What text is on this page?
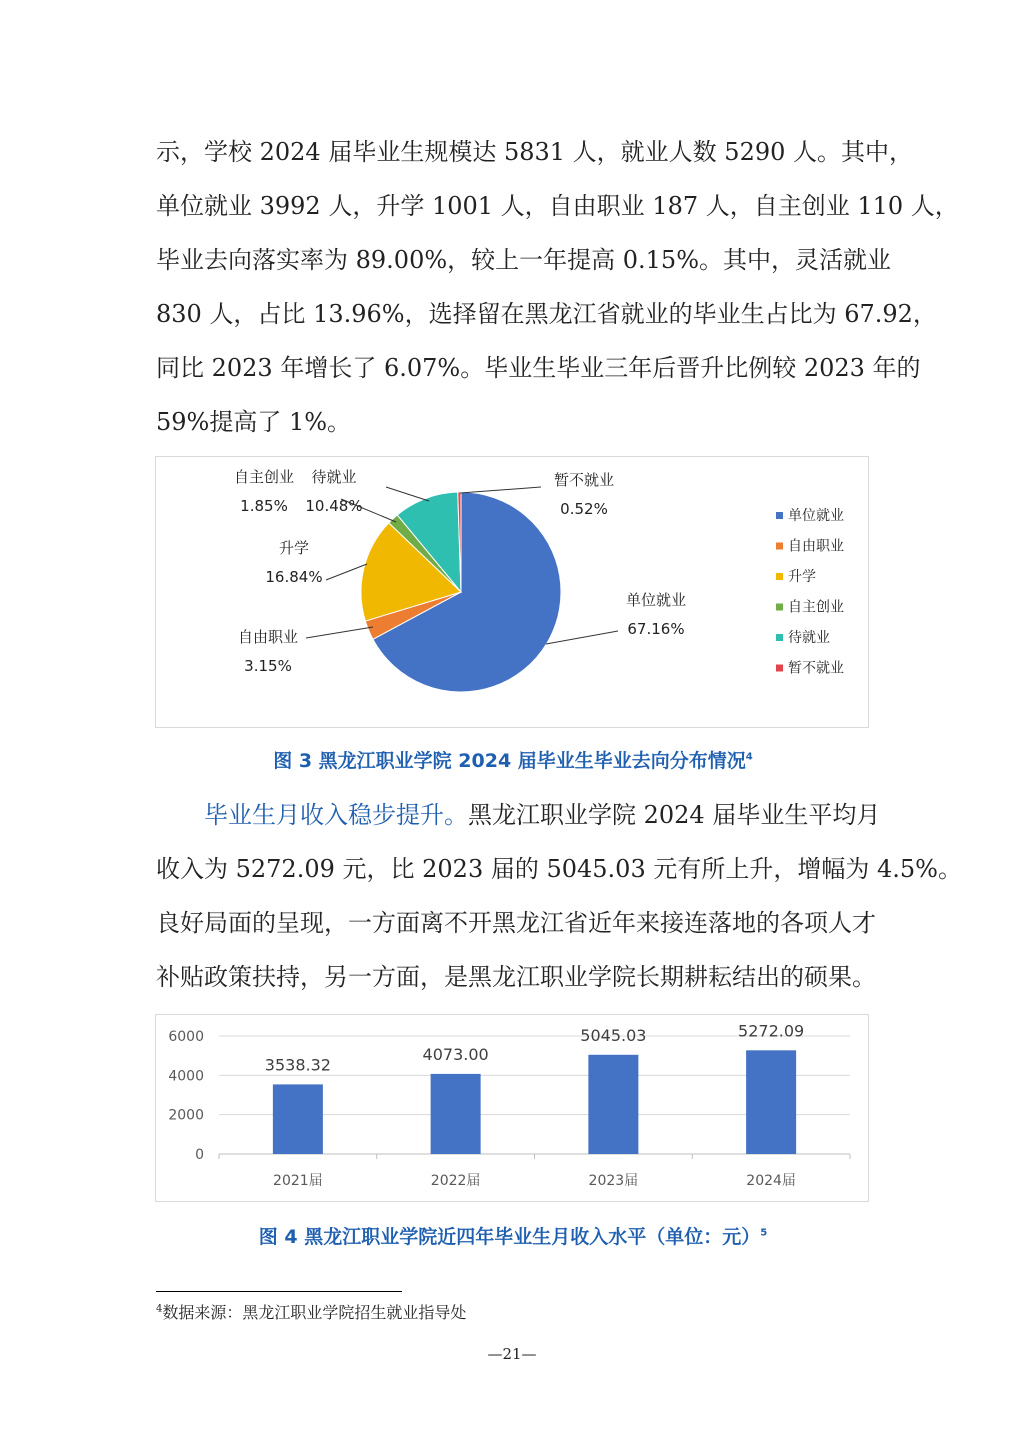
示，学校 2024 届毕业生规模达 5831 人，就业人数 5290 人。其中，
单位就业 3992 人，升学 1001 人，自由职业 187 人，自主创业 110 人，
毕业去向落实率为 89.00%，较上一年提高 0.15%。其中，灵活就业
830 人，占比 13.96%，选择留在黑龙江省就业的毕业生占比为 67.92，
同比 2023 年增长了 6.07%。毕业生毕业三年后晋升比例较 2023 年的
59%提高了 1%。
单位就业
67.16%
自由职业
3.15%
升学
16.84%
自主创业
1.85%
待就业
10.48%
暂不就业
0.52%	单位就业
自由职业
升学
自主创业
待就业
暂不就业
图 3 黑龙江职业学院 2024 届毕业生毕业去向分布情况$^4$
　　毕业生月收入稳步提升。黑龙江职业学院 2024 届毕业生平均月
收入为 5272.09 元，比 2023 届的 5045.03 元有所上升，增幅为 4.5%。
良好局面的呈现，一方面离不开黑龙江省近年来接连落地的各项人才
补贴政策扶持，另一方面，是黑龙江职业学院长期耕耘结出的硕果。
0
2000
4000
6000
3538.32
2021届
4073.00
2022届
5045.03
2023届
5272.09
2024届
图 4 黑龙江职业学院近四年毕业生月收入水平（单位：元）$^5$
$^4$数据来源：黑龙江职业学院招生就业指导处
—21—
